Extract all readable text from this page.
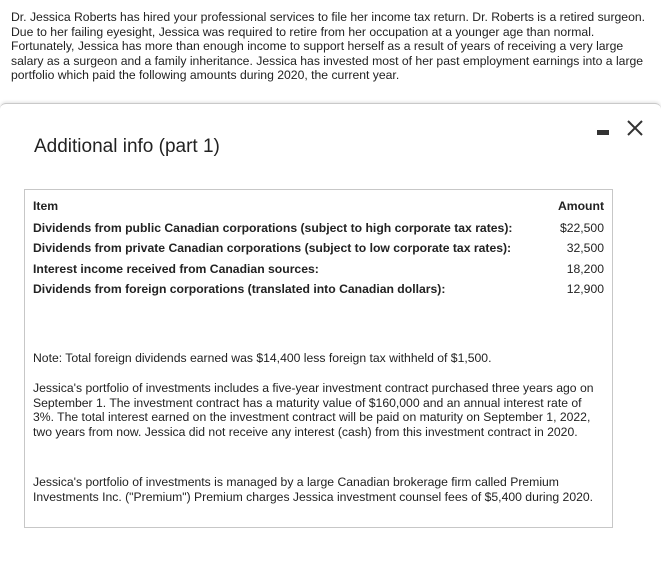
Dr. Jessica Roberts has hired your professional services to file her income tax return. Dr. Roberts is a retired surgeon. Due to her failing eyesight, Jessica was required to retire from her occupation at a younger age than normal. Fortunately, Jessica has more than enough income to support herself as a result of years of receiving a very large salary as a surgeon and a family inheritance. Jessica has invested most of her past employment earnings into a large portfolio which paid the following amounts during 2020, the current year.
Additional info (part 1)
Item	Amount
Dividends from public Canadian corporations (subject to high corporate tax rates):	$22,500
Dividends from private Canadian corporations (subject to low corporate tax rates):	32,500
Interest income received from Canadian sources:	18,200
Dividends from foreign corporations (translated into Canadian dollars):	12,900
Note: Total foreign dividends earned was $14,400 less foreign tax withheld of $1,500.
Jessica's portfolio of investments includes a five-year investment contract purchased three years ago on September 1. The investment contract has a maturity value of $160,000 and an annual interest rate of 3%. The total interest earned on the investment contract will be paid on maturity on September 1, 2022, two years from now. Jessica did not receive any interest (cash) from this investment contract in 2020.
Jessica's portfolio of investments is managed by a large Canadian brokerage firm called Premium Investments Inc. ("Premium") Premium charges Jessica investment counsel fees of $5,400 during 2020.
